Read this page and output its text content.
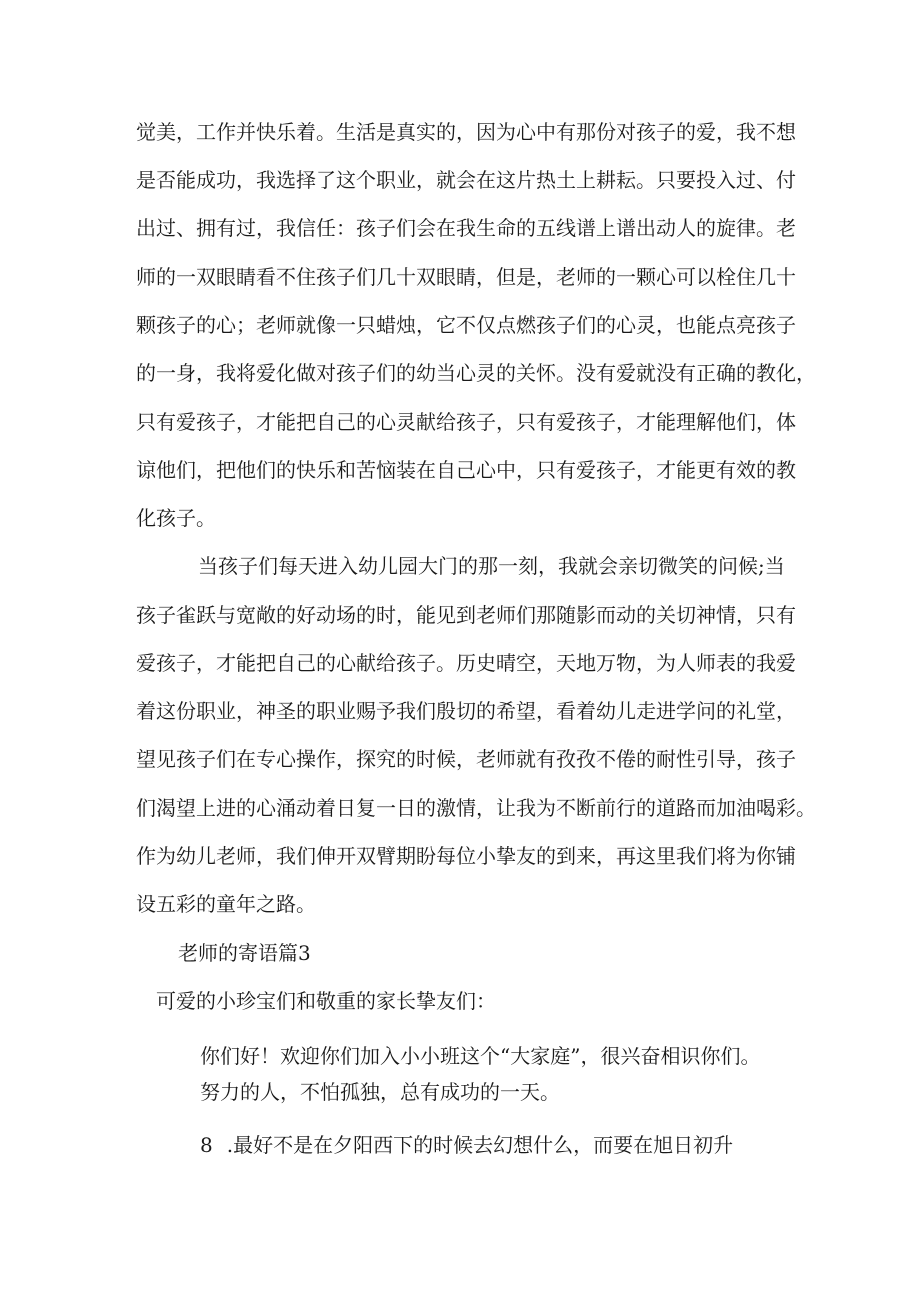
觉美，工作并快乐着。生活是真实的，因为心中有那份对孩子的爱，我不想
是否能成功，我选择了这个职业，就会在这片热土上耕耘。只要投入过、付
出过、拥有过，我信任：孩子们会在我生命的五线谱上谱出动人的旋律。老
师的一双眼睛看不住孩子们几十双眼睛，但是，老师的一颗心可以栓住几十
颗孩子的心；老师就像一只蜡烛，它不仅点燃孩子们的心灵，也能点亮孩子
的一身，我将爱化做对孩子们的幼当心灵的关怀。没有爱就没有正确的教化，
只有爱孩子，才能把自己的心灵献给孩子，只有爱孩子，才能理解他们，体
谅他们，把他们的快乐和苦恼装在自己心中，只有爱孩子，才能更有效的教
化孩子。
当孩子们每天进入幼儿园大门的那一刻，我就会亲切微笑的问候;当
孩子雀跃与宽敞的好动场的时，能见到老师们那随影而动的关切神情，只有
爱孩子，才能把自己的心献给孩子。历史晴空，天地万物，为人师表的我爱
着这份职业，神圣的职业赐予我们殷切的希望，看着幼儿走进学问的礼堂，
望见孩子们在专心操作，探究的时候，老师就有孜孜不倦的耐性引导，孩子
们渴望上进的心涌动着日复一日的激情，让我为不断前行的道路而加油喝彩。
作为幼儿老师，我们伸开双臂期盼每位小挚友的到来，再这里我们将为你铺
设五彩的童年之路。
老师的寄语篇3
可爱的小珍宝们和敬重的家长挚友们：
你们好！欢迎你们加入小小班这个“大家庭”，很兴奋相识你们。
努力的人，不怕孤独，总有成功的一天。
8 .最好不是在夕阳西下的时候去幻想什么，而要在旭日初升
